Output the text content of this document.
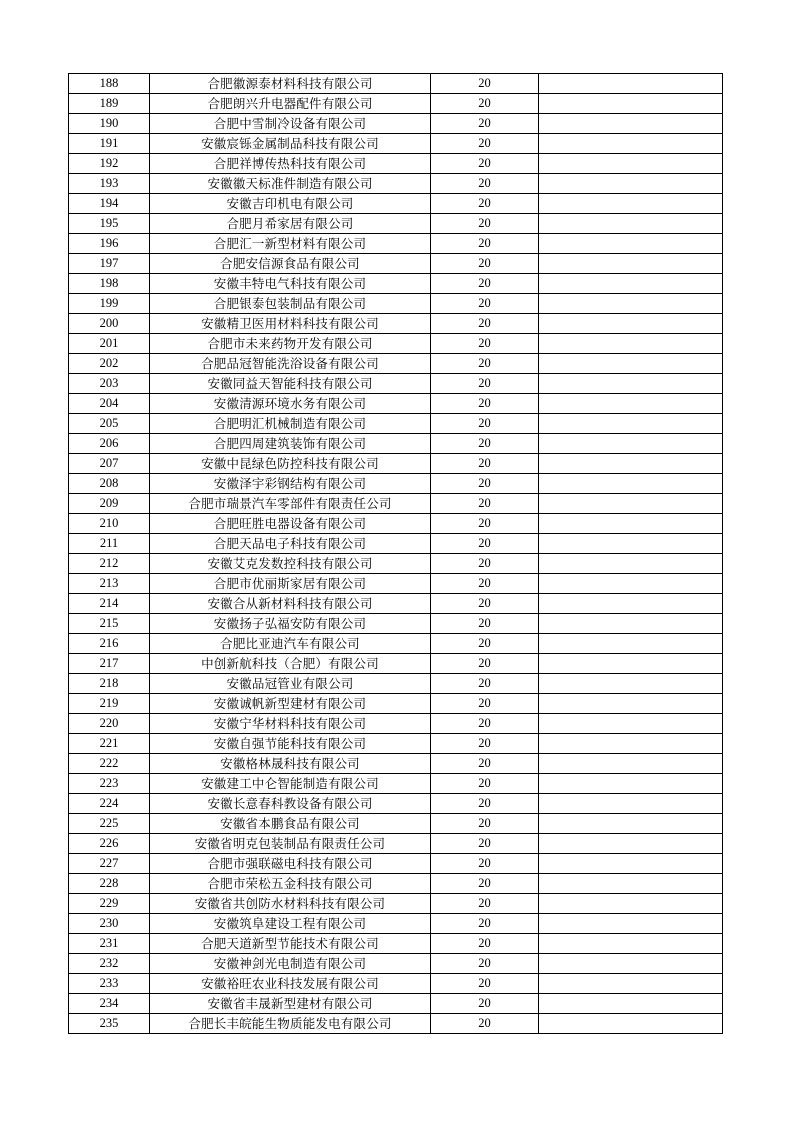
188	合肥徽源泰材料科技有限公司	20	
189	合肥朗兴升电器配件有限公司	20	
190	合肥中雪制冷设备有限公司	20	
191	安徽宸铄金属制品科技有限公司	20	
192	合肥祥博传热科技有限公司	20	
193	安徽徽天标准件制造有限公司	20	
194	安徽吉印机电有限公司	20	
195	合肥月希家居有限公司	20	
196	合肥汇一新型材料有限公司	20	
197	合肥安信源食品有限公司	20	
198	安徽丰特电气科技有限公司	20	
199	合肥银泰包装制品有限公司	20	
200	安徽精卫医用材料科技有限公司	20	
201	合肥市未来药物开发有限公司	20	
202	合肥品冠智能洗浴设备有限公司	20	
203	安徽同益天智能科技有限公司	20	
204	安徽清源环境水务有限公司	20	
205	合肥明汇机械制造有限公司	20	
206	合肥四周建筑装饰有限公司	20	
207	安徽中昆绿色防控科技有限公司	20	
208	安徽泽宇彩钢结构有限公司	20	
209	合肥市瑞景汽车零部件有限责任公司	20	
210	合肥旺胜电器设备有限公司	20	
211	合肥天品电子科技有限公司	20	
212	安徽艾克发数控科技有限公司	20	
213	合肥市优丽斯家居有限公司	20	
214	安徽合从新材料科技有限公司	20	
215	安徽扬子弘福安防有限公司	20	
216	合肥比亚迪汽车有限公司	20	
217	中创新航科技（合肥）有限公司	20	
218	安徽品冠管业有限公司	20	
219	安徽诚帆新型建材有限公司	20	
220	安徽宁华材料科技有限公司	20	
221	安徽自强节能科技有限公司	20	
222	安徽格林晟科技有限公司	20	
223	安徽建工中仑智能制造有限公司	20	
224	安徽长意春科教设备有限公司	20	
225	安徽省本鹏食品有限公司	20	
226	安徽省明克包装制品有限责任公司	20	
227	合肥市强联磁电科技有限公司	20	
228	合肥市荣松五金科技有限公司	20	
229	安徽省共创防水材料科技有限公司	20	
230	安徽筑阜建设工程有限公司	20	
231	合肥天道新型节能技术有限公司	20	
232	安徽神剑光电制造有限公司	20	
233	安徽裕旺农业科技发展有限公司	20	
234	安徽省丰晟新型建材有限公司	20	
235	合肥长丰皖能生物质能发电有限公司	20	
